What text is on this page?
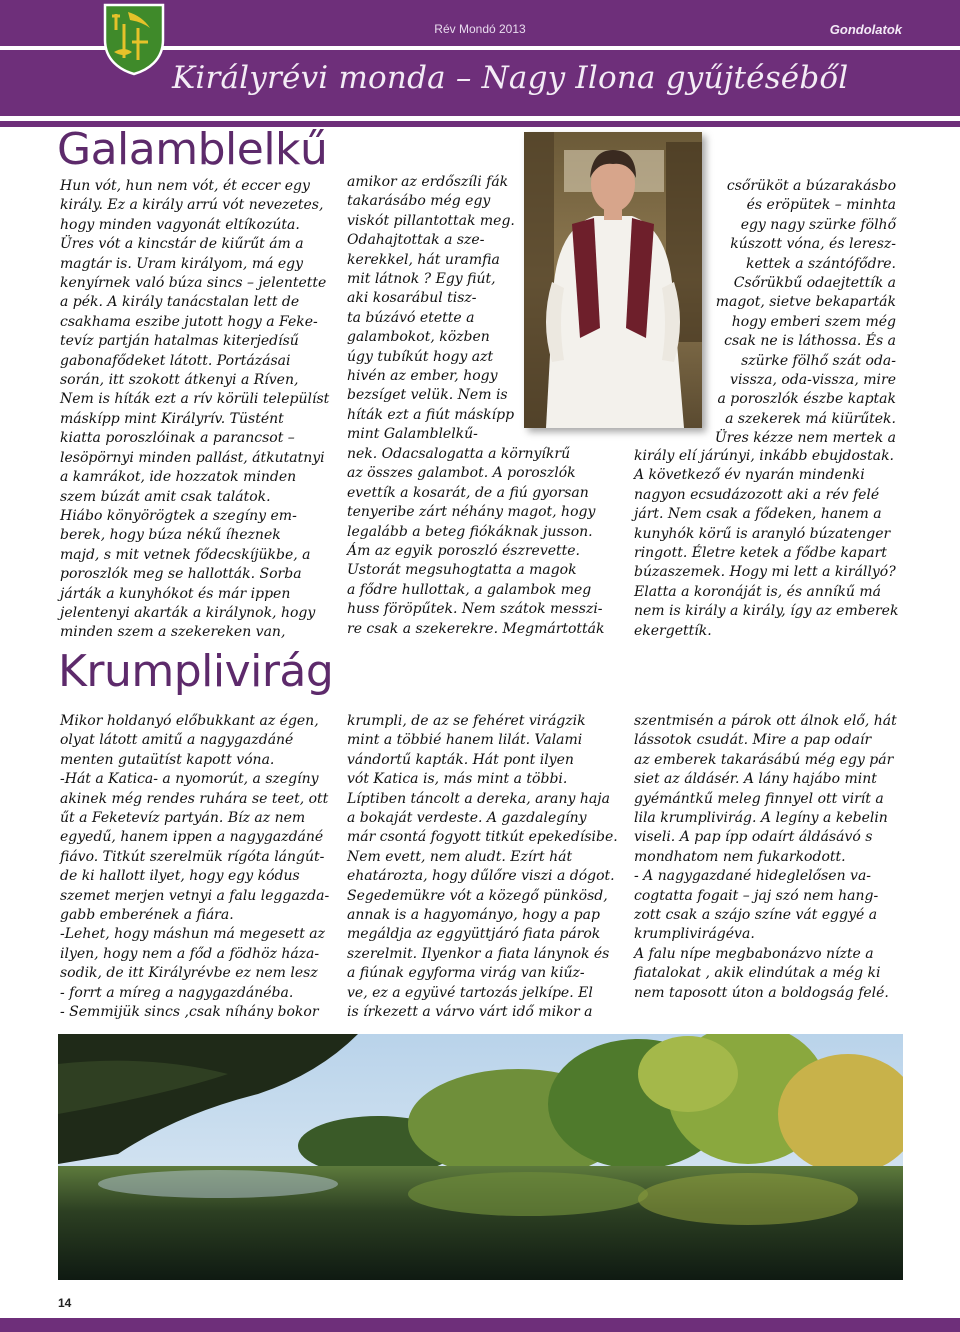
Rév Mondó 2013	Gondolatok
Királyrévi monda – Nagy Ilona gyűjtéséből
Galamblelkű

Hun vót, hun nem vót, ét eccer egy

király. Ez a király arrú vót nevezetes,

hogy minden vagyonát eltíkozúta.

Üres vót a kincstár de kiűrűt ám a

magtár is. Uram királyom, má egy

kenyírnek való búza sincs – jelentette

a pék. A király tanácstalan lett de

csakhama eszibe jutott hogy a Feke-

tevíz partján hatalmas kiterjedísű

gabonafődeket látott. Portázásai

során, itt szokott átkenyi a Ríven,

Nem is híták ezt a rív körüli települíst

máskípp mint Királyrív. Tüstént

kiatta poroszlóinak a parancsot –

lesöpörnyi minden pallást, átkutatnyi

a kamrákot, ide hozzatok minden

szem búzát amit csak talátok.

Hiábo könyörögtek a szegíny em-

berek, hogy búza nékű íheznek

majd, s mit vetnek fődecskíjükbe, a

poroszlók meg se hallották. Sorba

járták a kunyhókot és már ippen

jelentenyi akarták a királynok, hogy

minden szem a szekereken van,

amikor az erdőszíli fák

takarásábo még egy

viskót pillantottak meg.

Odahajtottak a sze-

kerekkel, hát uramfia

mit látnok ? Egy fiút,

aki kosarábul tisz-

ta búzávó etette a

galambokot, közben

úgy tubíkút hogy azt

hivén az ember, hogy

bezsíget velük. Nem is

híták ezt a fiút máskípp

mint Galamblelkű-

nek. Odacsalogatta a környíkrű

az összes galambot. A poroszlók

evettík a kosarát, de a fiú gyorsan

tenyeribe zárt néhány magot, hogy

legalább a beteg fiókáknak jusson.

Ám az egyik poroszló észrevette.

Ustorát megsuhogtatta a magok

a fődre hullottak, a galambok meg

huss föröpűtek. Nem szátok messzi-

re csak a szekerekre. Megmártották

csőrüköt a búzarakásbo

és eröpütek – minhta

egy nagy szürke fölhő

kúszott vóna, és leresz-

kettek a szántófődre.

Csőrükbű odaejtettík a

magot, sietve bekaparták

hogy emberi szem még

csak ne is láthossa. És a

szürke fölhő szát oda-

vissza, oda-vissza, mire

a poroszlók észbe kaptak

a szekerek má kiürűtek.

Üres kézze nem mertek a

király elí járúnyi, inkább ebujdostak.

A következő év nyarán mindenki

nagyon ecsudázozott aki a rév felé

járt. Nem csak a fődeken, hanem a

kunyhók körű is aranyló búzatenger

ringott. Életre ketek a fődbe kapart

búzaszemek. Hogy mi lett a királlyó?

Elatta a koronáját is, és anníkű má

nem is király a király, így az emberek

ekergettík.

Krumplivirág

Mikor holdanyó előbukkant az égen,

olyat látott amitű a nagygazdáné

menten gutaütíst kapott vóna.

-Hát a Katica- a nyomorút, a szegíny

akinek még rendes ruhára se teet, ott

űt a Feketevíz partyán. Bíz az nem

egyedű, hanem ippen a nagygazdáné

fiávo. Titkút szerelmük rígóta lángút-

de ki hallott ilyet, hogy egy kódus

szemet merjen vetnyi a falu leggazda-

gabb emberének a fiára.

-Lehet, hogy máshun má megesett az

ilyen, hogy nem a főd a födhöz háza-

sodik, de itt Királyrévbe ez nem lesz

- forrt a míreg a nagygazdánéba.

- Semmijük sincs ,csak níhány bokor

krumpli, de az se fehéret virágzik

mint a többié hanem lilát. Valami

vándortű kapták. Hát pont ilyen

vót Katica is, más mint a többi.

Líptiben táncolt a dereka, arany haja

a bokaját verdeste. A gazdalegíny

már csontá fogyott titkút epekedísibe.

Nem evett, nem aludt. Ezírt hát

ehatározta, hogy dűlőre viszi a dógot.

Segedemükre vót a közegő pünkösd,

annak is a hagyományo, hogy a pap

megáldja az eggyüttjáró fiata párok

szerelmit. Ilyenkor a fiata lánynok és

a fiúnak egyforma virág van kiűz-

ve, ez a együvé tartozás jelkípe. El

is írkezett a várvo várt idő mikor a

szentmisén a párok ott álnok elő, hát

lássotok csudát. Mire a pap odaír

az emberek takarásábú még egy pár

siet az áldásér. A lány hajábo mint

gyémántkű meleg finnyel ott virít a

lila krumplivirág. A legíny a kebelin

viseli. A pap ípp odaírt áldásávó s

mondhatom nem fukarkodott.

- A nagygazdané hideglelősen va-

cogtatta fogait – jaj szó nem hang-

zott csak a szájo színe vát eggyé a

krumplivirágéva.

A falu nípe megbabonázvo nízte a

fiatalokat , akik elindútak a még ki

nem taposott úton a boldogság felé.

14
